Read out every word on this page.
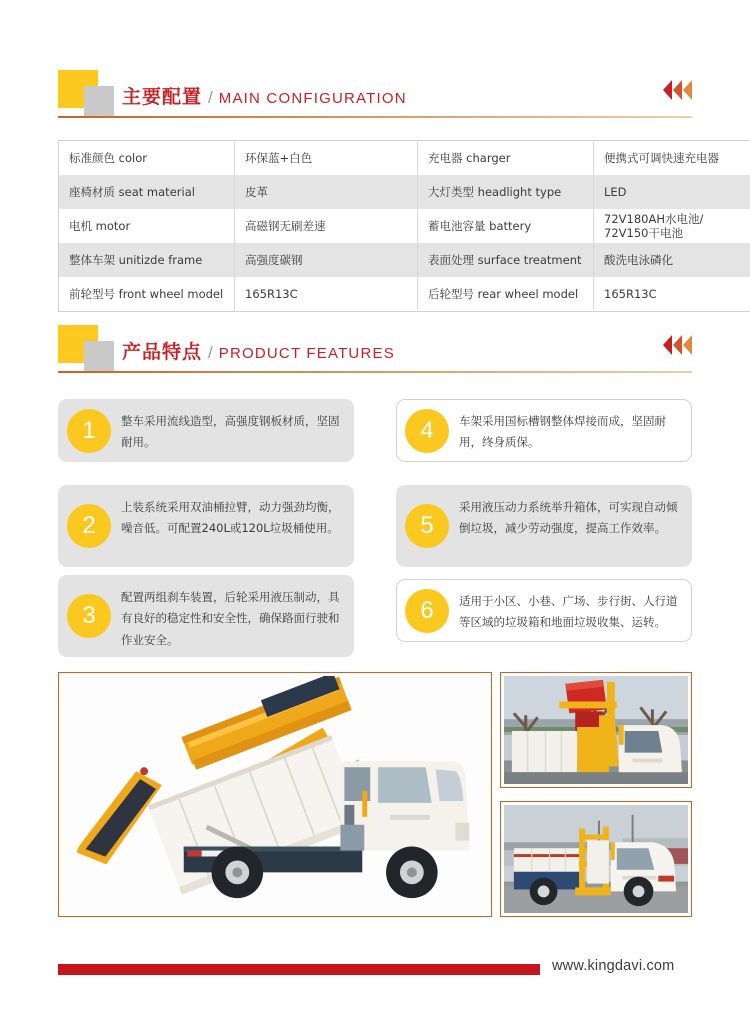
主要配置 / MAIN CONFIGURATION
标准颜色 color	环保蓝+白色	充电器 charger	便携式可调快速充电器
座椅材质 seat material	皮革	大灯类型 headlight type	LED
电机 motor	高磁钢无刷差速	蓄电池容量 battery	72V180AH水电池/
72V150干电池
整体车架 unitizde frame	高强度碳钢	表面处理 surface treatment	酸洗电泳磷化
前轮型号 front wheel model	165R13C	后轮型号 rear wheel model	165R13C
产品特点 / PRODUCT FEATURES
1	整车采用流线造型，高强度钢板材质，坚固耐用。
2
上装系统采用双油桶拉臂，动力强劲均衡，噪音低。可配置240L或120L垃圾桶使用。
3
配置两组刹车装置，后轮采用液压制动，具有良好的稳定性和安全性，确保路面行驶和作业安全。
4	车架采用国标槽钢整体焊接而成，坚固耐用，终身质保。
5
采用液压动力系统举升箱体，可实现自动倾倒垃圾，减少劳动强度，提高工作效率。
6	适用于小区、小巷、广场、步行街、人行道等区域的垃圾箱和地面垃圾收集、运转。
www.kingdavi.com
